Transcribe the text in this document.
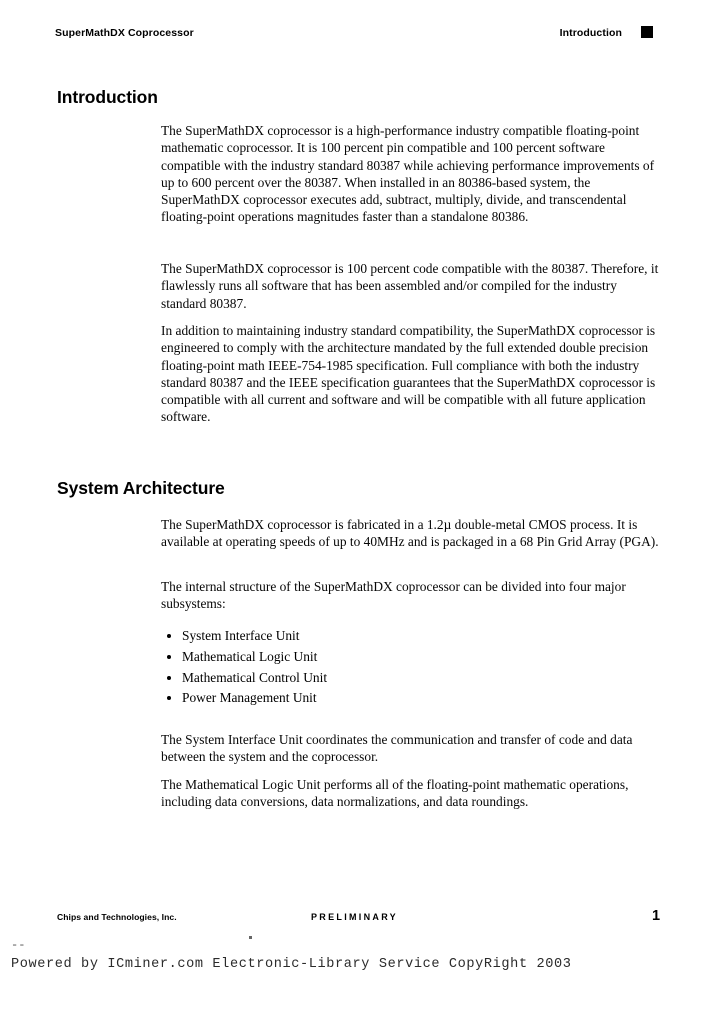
SuperMathDX Coprocessor	Introduction
Introduction
The SuperMathDX coprocessor is a high-performance industry compatible floating-point mathematic coprocessor. It is 100 percent pin compatible and 100 percent software compatible with the industry standard 80387 while achieving performance improvements of up to 600 percent over the 80387. When installed in an 80386-based system, the SuperMathDX coprocessor executes add, subtract, multiply, divide, and transcendental floating-point operations magnitudes faster than a standalone 80386.
The SuperMathDX coprocessor is 100 percent code compatible with the 80387. Therefore, it flawlessly runs all software that has been assembled and/or compiled for the industry standard 80387.
In addition to maintaining industry standard compatibility, the SuperMathDX coprocessor is engineered to comply with the architecture mandated by the full extended double precision floating-point math IEEE-754-1985 specification. Full compliance with both the industry standard 80387 and the IEEE specification guarantees that the SuperMathDX coprocessor is compatible with all current and software and will be compatible with all future application software.
System Architecture
The SuperMathDX coprocessor is fabricated in a 1.2µ double-metal CMOS process. It is available at operating speeds of up to 40MHz and is packaged in a 68 Pin Grid Array (PGA).
The internal structure of the SuperMathDX coprocessor can be divided into four major subsystems:
System Interface Unit
Mathematical Logic Unit
Mathematical Control Unit
Power Management Unit
The System Interface Unit coordinates the communication and transfer of code and data between the system and the coprocessor.
The Mathematical Logic Unit performs all of the floating-point mathematic operations, including data conversions, data normalizations, and data roundings.
Chips and Technologies, Inc.	PRELIMINARY	1
--
Powered by ICminer.com Electronic-Library Service CopyRight 2003
